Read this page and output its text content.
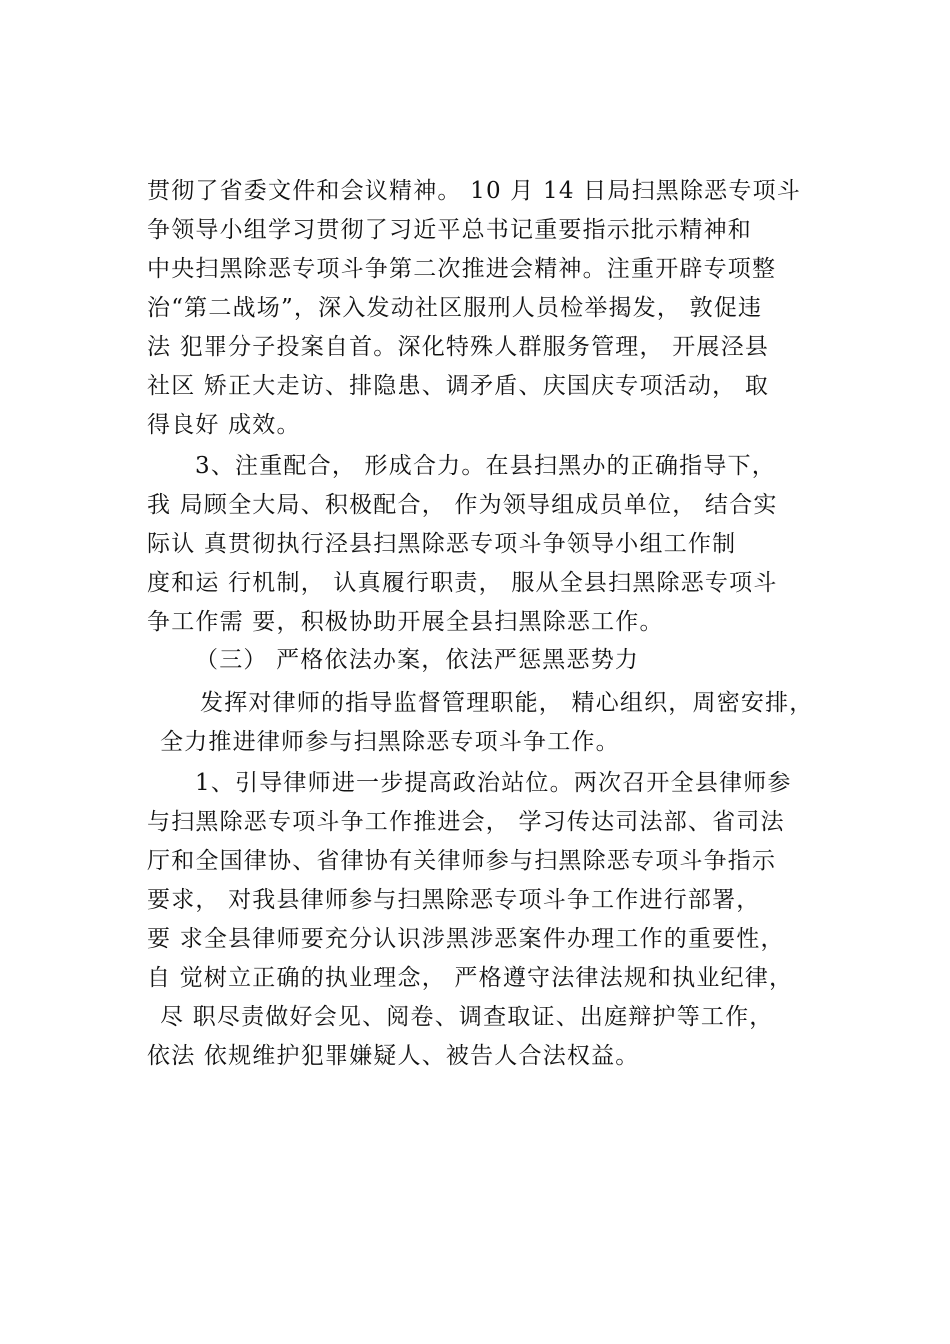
贯彻了省委文件和会议精神。 10 月 14 日局扫黑除恶专项斗
争领导小组学习贯彻了习近平总书记重要指示批示精神和
中央扫黑除恶专项斗争第二次推进会精神。注重开辟专项整
治“第二战场”，深入发动社区服刑人员检举揭发， 敦促违
法 犯罪分子投案自首。深化特殊人群服务管理， 开展泾县
社区 矫正大走访、排隐患、调矛盾、庆国庆专项活动， 取
得良好 成效。
3、注重配合， 形成合力。在县扫黑办的正确指导下，
我 局顾全大局、积极配合， 作为领导组成员单位， 结合实
际认 真贯彻执行泾县扫黑除恶专项斗争领导小组工作制
度和运 行机制， 认真履行职责， 服从全县扫黑除恶专项斗
争工作需 要，积极协助开展全县扫黑除恶工作。
（三） 严格依法办案，依法严惩黑恶势力
发挥对律师的指导监督管理职能， 精心组织，周密安排，
全力推进律师参与扫黑除恶专项斗争工作。
1、引导律师进一步提高政治站位。两次召开全县律师参
与扫黑除恶专项斗争工作推进会， 学习传达司法部、省司法
厅和全国律协、省律协有关律师参与扫黑除恶专项斗争指示
要求， 对我县律师参与扫黑除恶专项斗争工作进行部署，
要 求全县律师要充分认识涉黑涉恶案件办理工作的重要性，
自 觉树立正确的执业理念， 严格遵守法律法规和执业纪律，
尽 职尽责做好会见、阅卷、调查取证、出庭辩护等工作，
依法 依规维护犯罪嫌疑人、被告人合法权益。
